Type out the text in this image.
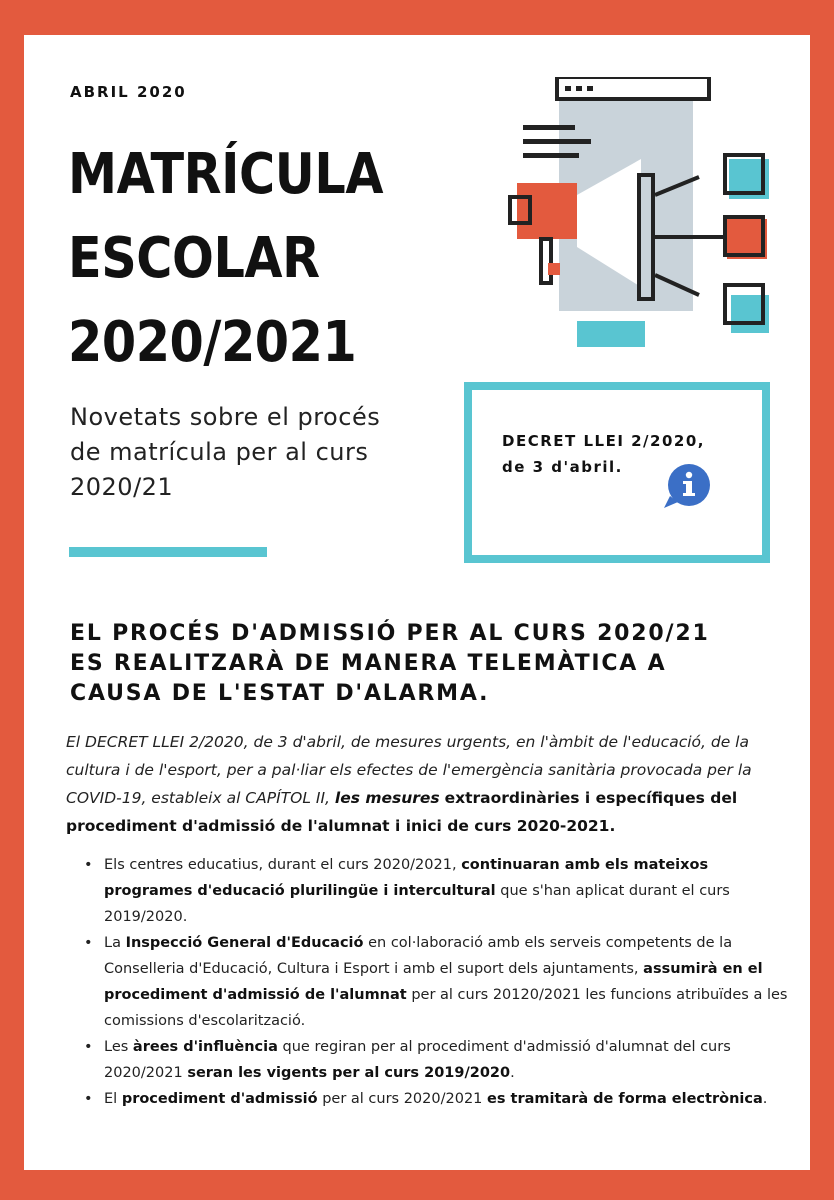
ABRIL 2020
MATRÍCULA
ESCOLAR
2020/2021
Novetats sobre el procés de matrícula per al curs 2020/21
DECRET LLEI 2/2020,
de 3 d'abril.
EL PROCÉS D'ADMISSIÓ PER AL CURS 2020/21
ES REALITZARÀ DE MANERA TELEMÀTICA A
CAUSA DE L'ESTAT D'ALARMA.

El DECRET LLEI 2/2020, de 3 d'abril, de mesures urgents, en l'àmbit de l'educació, de la cultura i de l'esport, per a pal·liar els efectes de l'emergència sanitària provocada per la COVID-19, estableix al CAPÍTOL II, les mesures extraordinàries i específiques del procediment d'admissió de l'alumnat i inici de curs 2020-2021.

• Els centres educatius, durant el curs 2020/2021, continuaran amb els mateixos programes d'educació plurilingüe i intercultural que s'han aplicat durant el curs 2019/2020.
• La Inspecció General d'Educació en col·laboració amb els serveis competents de la Conselleria d'Educació, Cultura i Esport i amb el suport dels ajuntaments, assumirà en el procediment d'admissió de l'alumnat per al curs 20120/2021 les funcions atribuïdes a les comissions d'escolarització.
• Les àrees d'influència que regiran per al procediment d'admissió d'alumnat del curs 2020/2021 seran les vigents per al curs 2019/2020.
• El procediment d'admissió per al curs 2020/2021 es tramitarà de forma electrònica.
